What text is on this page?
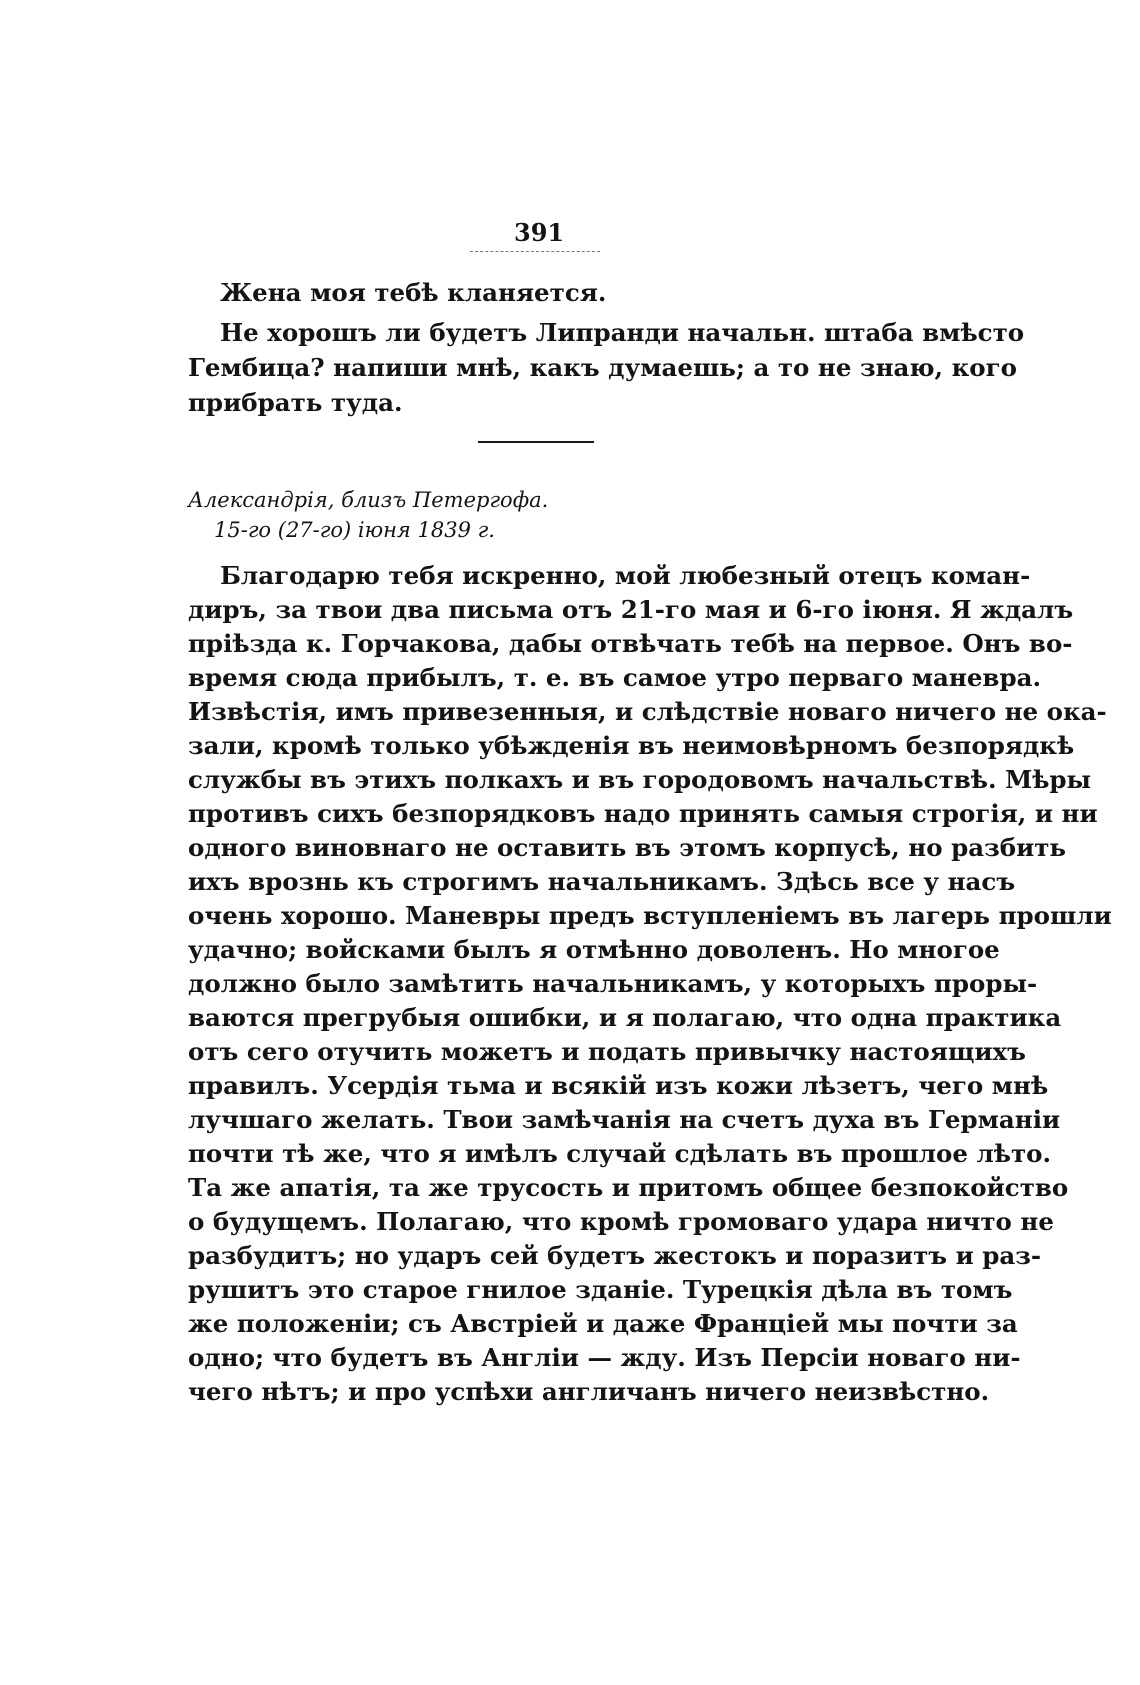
391
Жена моя тебѣ кланяется.
Не хорошъ ли будетъ Липранди начальн. штаба вмѣсто
Гембица? напиши мнѣ, какъ думаешь; а то не знаю, кого
прибрать туда.
Александрія, близъ Петергофа.
15-го (27-го) іюня 1839 г.
Благодарю тебя искренно, мой любезный отецъ коман-
диръ, за твои два письма отъ 21-го мая и 6-го іюня. Я ждалъ
пріѣзда к. Горчакова, дабы отвѣчать тебѣ на первое. Онъ во-
время сюда прибылъ, т. е. въ самое утро перваго маневра.
Извѣстія, имъ привезенныя, и слѣдствіе новаго ничего не ока-
зали, кромѣ только убѣжденія въ неимовѣрномъ безпорядкѣ
службы въ этихъ полкахъ и въ городовомъ начальствѣ. Мѣры
противъ сихъ безпорядковъ надо принять самыя строгія, и ни
одного виновнаго не оставить въ этомъ корпусѣ, но разбить
ихъ врознь къ строгимъ начальникамъ. Здѣсь все у насъ
очень хорошо. Маневры предъ вступленіемъ въ лагерь прошли
удачно; войсками былъ я отмѣнно доволенъ. Но многое
должно было замѣтить начальникамъ, у которыхъ проры-
ваются прегрубыя ошибки, и я полагаю, что одна практика
отъ сего отучить можетъ и подать привычку настоящихъ
правилъ. Усердія тьма и всякій изъ кожи лѣзетъ, чего мнѣ
лучшаго желать. Твои замѣчанія на счетъ духа въ Германіи
почти тѣ же, что я имѣлъ случай сдѣлать въ прошлое лѣто.
Та же апатія, та же трусость и притомъ общее безпокойство
о будущемъ. Полагаю, что кромѣ громоваго удара ничто не
разбудитъ; но ударъ сей будетъ жестокъ и поразитъ и раз-
рушитъ это старое гнилое зданіе. Турецкія дѣла въ томъ
же положеніи; съ Австріей и даже Франціей мы почти за
одно; что будетъ въ Англіи — жду. Изъ Персіи новаго ни-
чего нѣтъ; и про успѣхи англичанъ ничего неизвѣстно.
